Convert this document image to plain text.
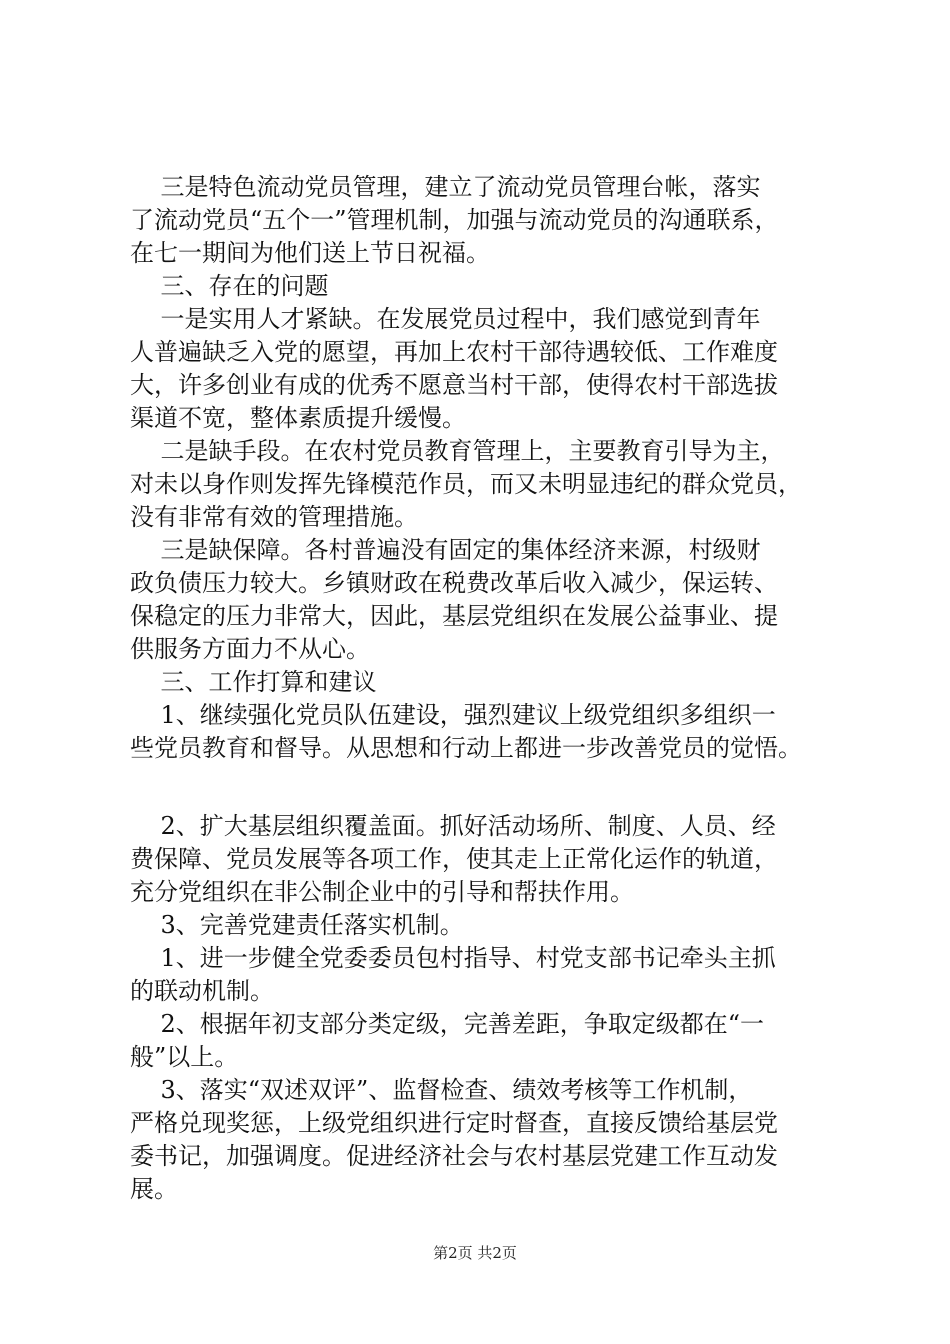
三是特色流动党员管理，建立了流动党员管理台帐，落实
了流动党员“五个一”管理机制，加强与流动党员的沟通联系，
在七一期间为他们送上节日祝福。
三、存在的问题
一是实用人才紧缺。在发展党员过程中，我们感觉到青年
人普遍缺乏入党的愿望，再加上农村干部待遇较低、工作难度
大，许多创业有成的优秀不愿意当村干部，使得农村干部选拔
渠道不宽，整体素质提升缓慢。
二是缺手段。在农村党员教育管理上，主要教育引导为主，
对未以身作则发挥先锋模范作员，而又未明显违纪的群众党员，
没有非常有效的管理措施。
三是缺保障。各村普遍没有固定的集体经济来源，村级财
政负债压力较大。乡镇财政在税费改革后收入减少，保运转、
保稳定的压力非常大，因此，基层党组织在发展公益事业、提
供服务方面力不从心。
三、工作打算和建议
1、继续强化党员队伍建设，强烈建议上级党组织多组织一
些党员教育和督导。从思想和行动上都进一步改善党员的觉悟。
2、扩大基层组织覆盖面。抓好活动场所、制度、人员、经
费保障、党员发展等各项工作，使其走上正常化运作的轨道，
充分党组织在非公制企业中的引导和帮扶作用。
3、完善党建责任落实机制。
1、进一步健全党委委员包村指导、村党支部书记牵头主抓
的联动机制。
2、根据年初支部分类定级，完善差距，争取定级都在“一
般”以上。
3、落实“双述双评”、监督检查、绩效考核等工作机制，
严格兑现奖惩，上级党组织进行定时督查，直接反馈给基层党
委书记，加强调度。促进经济社会与农村基层党建工作互动发
展。
第2页 共2页
